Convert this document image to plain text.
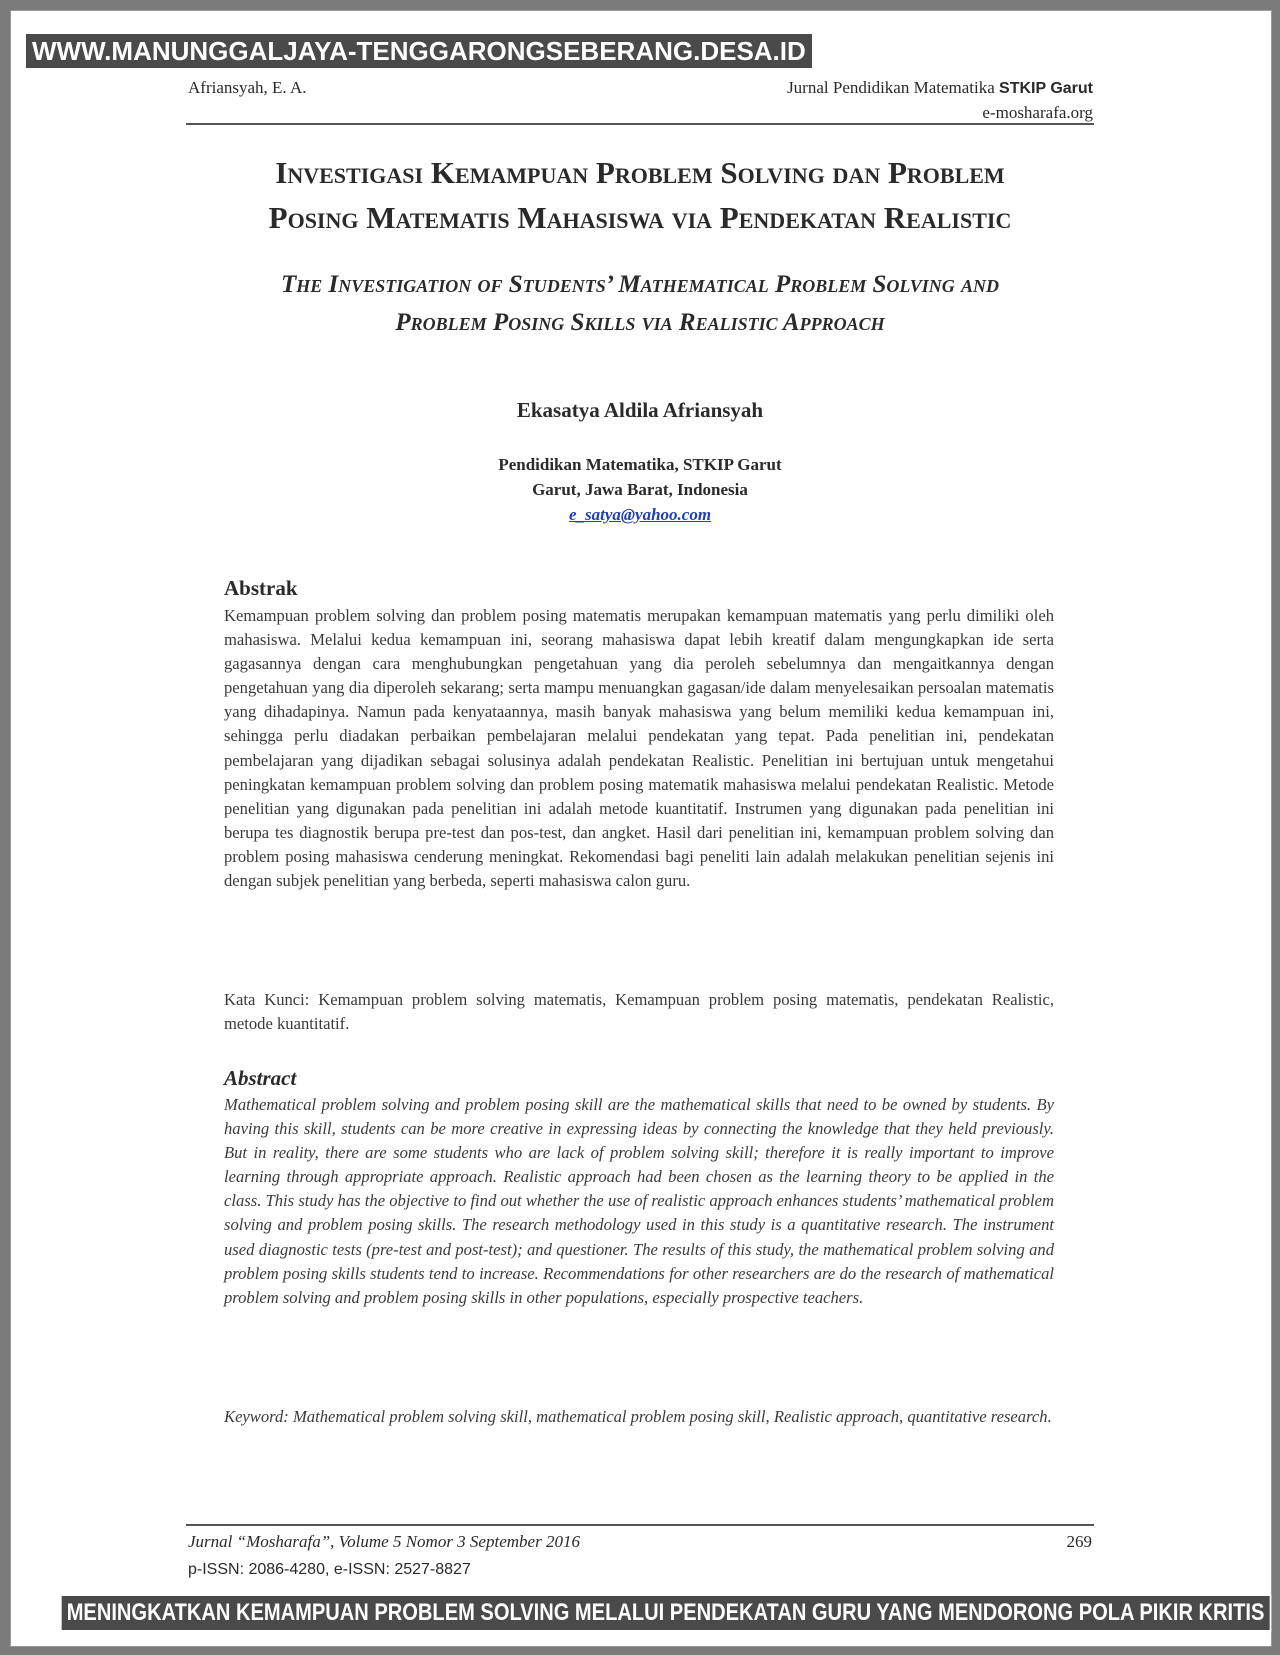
WWW.MANUNGGALJAYA-TENGGARONGSEBERANG.DESA.ID
Afriansyah, E. A.	Jurnal Pendidikan Matematika STKIP Garut
e-mosharafa.org
Investigasi Kemampuan Problem Solving dan Problem
Posing Matematis Mahasiswa via Pendekatan Realistic
The Investigation of Students’ Mathematical Problem Solving and
Problem Posing Skills via Realistic Approach
Ekasatya Aldila Afriansyah
Pendidikan Matematika, STKIP Garut
Garut, Jawa Barat, Indonesia
e_satya@yahoo.com
Abstrak
Kemampuan problem solving dan problem posing matematis merupakan kemampuan matematis yang perlu dimiliki oleh mahasiswa. Melalui kedua kemampuan ini, seorang mahasiswa dapat lebih kreatif dalam mengungkapkan ide serta gagasannya dengan cara menghubungkan pengetahuan yang dia peroleh sebelumnya dan mengaitkannya dengan pengetahuan yang dia diperoleh sekarang; serta mampu menuangkan gagasan/ide dalam menyelesaikan persoalan matematis yang dihadapinya. Namun pada kenyataannya, masih banyak mahasiswa yang belum memiliki kedua kemampuan ini, sehingga perlu diadakan perbaikan pembelajaran melalui pendekatan yang tepat. Pada penelitian ini, pendekatan pembelajaran yang dijadikan sebagai solusinya adalah pendekatan Realistic. Penelitian ini bertujuan untuk mengetahui peningkatan kemampuan problem solving dan problem posing matematik mahasiswa melalui pendekatan Realistic. Metode penelitian yang digunakan pada penelitian ini adalah metode kuantitatif. Instrumen yang digunakan pada penelitian ini berupa tes diagnostik berupa pre-test dan pos-test, dan angket. Hasil dari penelitian ini, kemampuan problem solving dan problem posing mahasiswa cenderung meningkat. Rekomendasi bagi peneliti lain adalah melakukan penelitian sejenis ini dengan subjek penelitian yang berbeda, seperti mahasiswa calon guru.
Kata Kunci: Kemampuan problem solving matematis, Kemampuan problem posing matematis, pendekatan Realistic, metode kuantitatif.
Abstract
Mathematical problem solving and problem posing skill are the mathematical skills that need to be owned by students. By having this skill, students can be more creative in expressing ideas by connecting the knowledge that they held previously. But in reality, there are some students who are lack of problem solving skill; therefore it is really important to improve learning through appropriate approach. Realistic approach had been chosen as the learning theory to be applied in the class. This study has the objective to find out whether the use of realistic approach enhances students’ mathematical problem solving and problem posing skills. The research methodology used in this study is a quantitative research. The instrument used diagnostic tests (pre-test and post-test); and questioner. The results of this study, the mathematical problem solving and problem posing skills students tend to increase. Recommendations for other researchers are do the research of mathematical problem solving and problem posing skills in other populations, especially prospective teachers.
Keyword: Mathematical problem solving skill, mathematical problem posing skill, Realistic approach, quantitative research.
Jurnal “Mosharafa”, Volume 5 Nomor 3 September 2016
p-ISSN: 2086-4280, e-ISSN: 2527-8827
269
MENINGKATKAN KEMAMPUAN PROBLEM SOLVING MELALUI PENDEKATAN GURU YANG MENDORONG POLA PIKIR KRITIS
